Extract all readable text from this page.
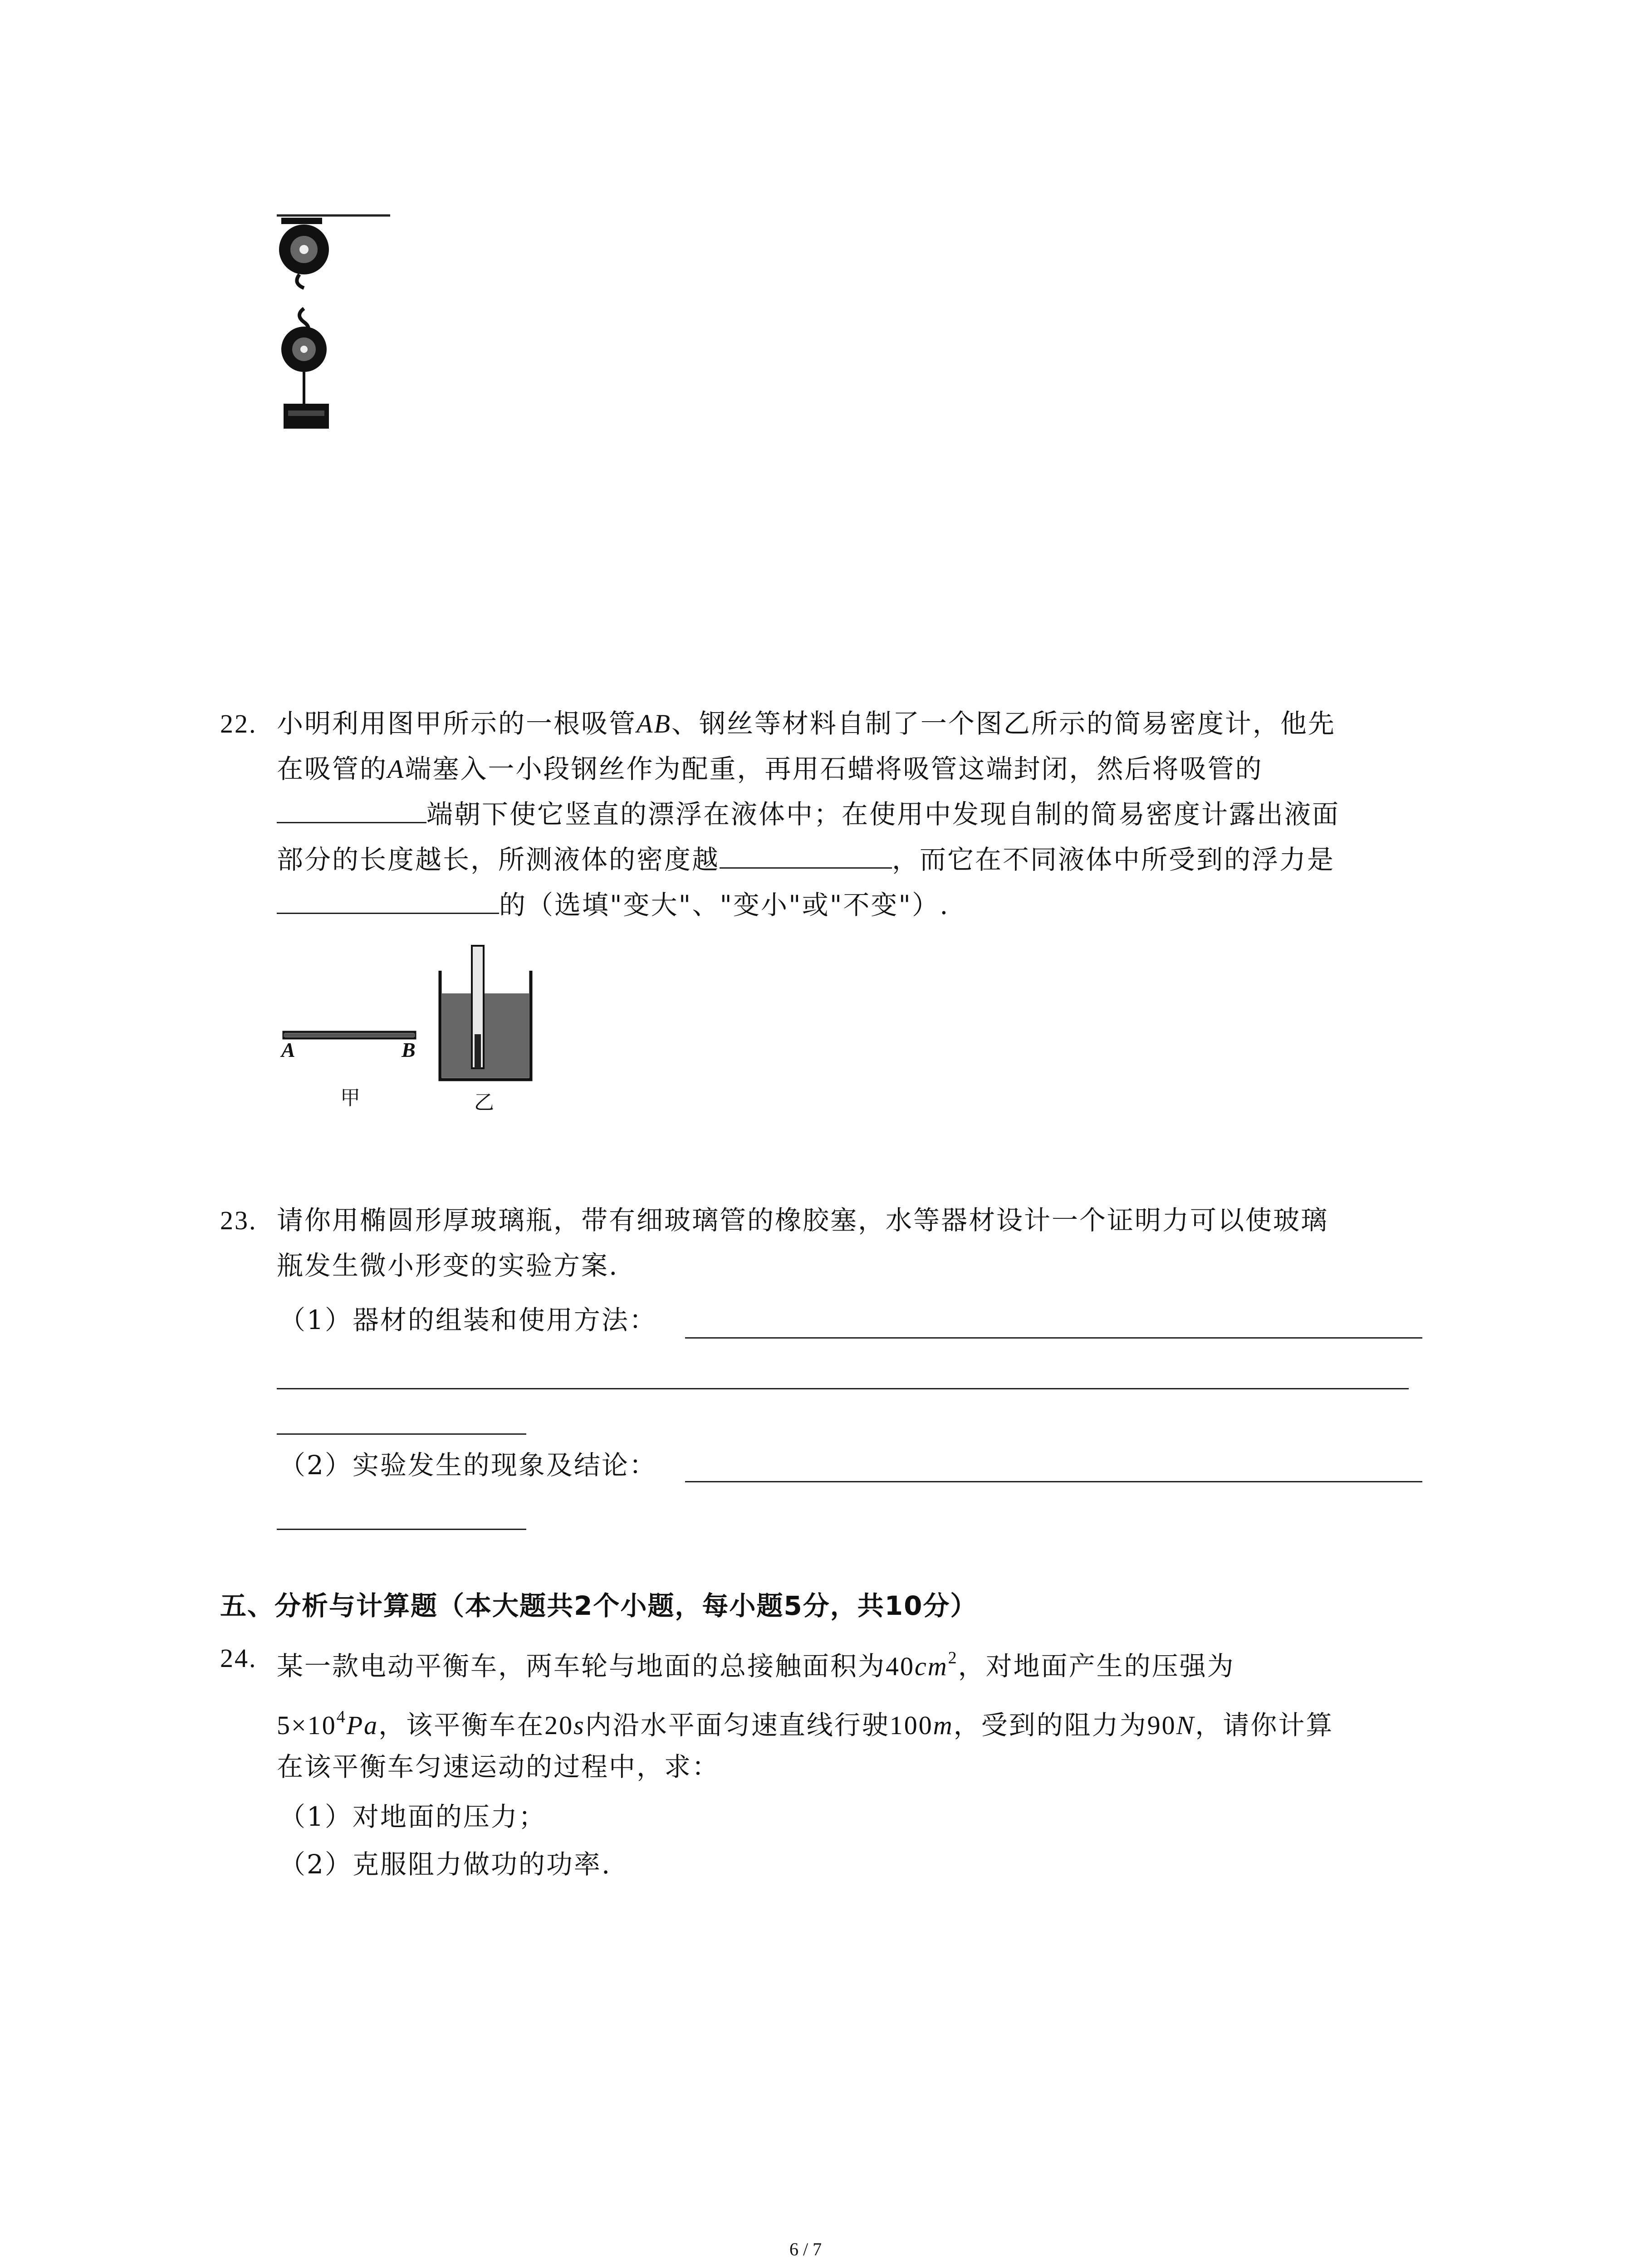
22. 小明利用图甲所示的一根吸管AB、钢丝等材料自制了一个图乙所示的简易密度计，他先
在吸管的A端塞入一小段钢丝作为配重，再用石蜡将吸管这端封闭，然后将吸管的
端朝下使它竖直的漂浮在液体中；在使用中发现自制的简易密度计露出液面
部分的长度越长，所测液体的密度越	，而它在不同液体中所受到的浮力是
的（选填"变大"、"变小"或"不变"）.
A	B
甲	乙
23. 请你用椭圆形厚玻璃瓶，带有细玻璃管的橡胶塞，水等器材设计一个证明力可以使玻璃
瓶发生微小形变的实验方案.
（1）器材的组装和使用方法：
（2）实验发生的现象及结论：
五、分析与计算题（本大题共2个小题，每小题5分，共10分）
24. 某一款电动平衡车，两车轮与地面的总接触面积为$40cm^2$，对地面产生的压强为
$5\times 10^4Pa$，该平衡车在20s内沿水平面匀速直线行驶100m，受到的阻力为90N，请你计算
在该平衡车匀速运动的过程中，求：
（1）对地面的压力；
（2）克服阻力做功的功率.
6 / 7
